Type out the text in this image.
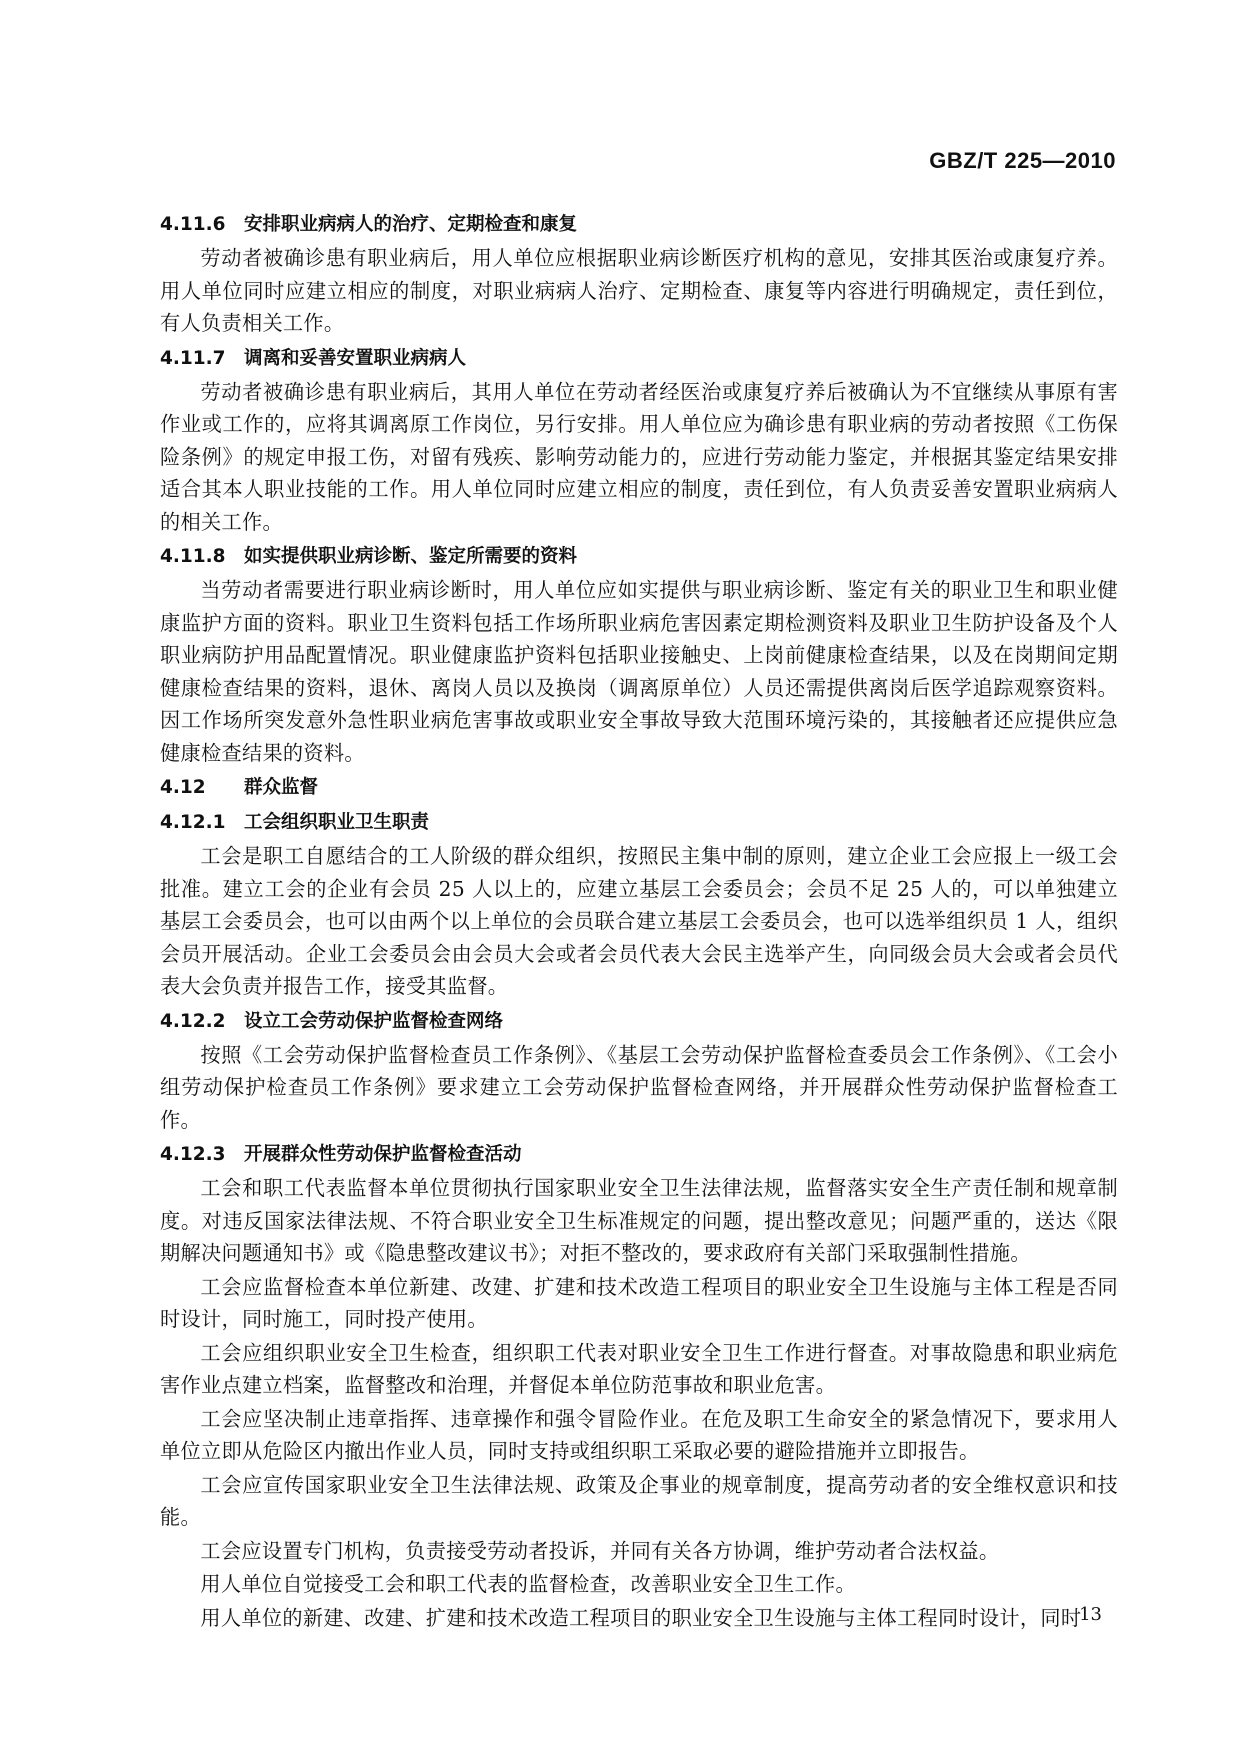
GBZ/T 225—2010
4.11.6 安排职业病病人的治疗、定期检查和康复

劳动者被确诊患有职业病后，用人单位应根据职业病诊断医疗机构的意见，安排其医治或康复疗养。用人单位同时应建立相应的制度，对职业病病人治疗、定期检查、康复等内容进行明确规定，责任到位，有人负责相关工作。

4.11.7 调离和妥善安置职业病病人

劳动者被确诊患有职业病后，其用人单位在劳动者经医治或康复疗养后被确认为不宜继续从事原有害作业或工作的，应将其调离原工作岗位，另行安排。用人单位应为确诊患有职业病的劳动者按照《工伤保险条例》的规定申报工伤，对留有残疾、影响劳动能力的，应进行劳动能力鉴定，并根据其鉴定结果安排适合其本人职业技能的工作。用人单位同时应建立相应的制度，责任到位，有人负责妥善安置职业病病人的相关工作。

4.11.8 如实提供职业病诊断、鉴定所需要的资料

当劳动者需要进行职业病诊断时，用人单位应如实提供与职业病诊断、鉴定有关的职业卫生和职业健康监护方面的资料。职业卫生资料包括工作场所职业病危害因素定期检测资料及职业卫生防护设备及个人职业病防护用品配置情况。职业健康监护资料包括职业接触史、上岗前健康检查结果，以及在岗期间定期健康检查结果的资料，退休、离岗人员以及换岗（调离原单位）人员还需提供离岗后医学追踪观察资料。因工作场所突发意外急性职业病危害事故或职业安全事故导致大范围环境污染的，其接触者还应提供应急健康检查结果的资料。

4.12 群众监督
4.12.1 工会组织职业卫生职责

工会是职工自愿结合的工人阶级的群众组织，按照民主集中制的原则，建立企业工会应报上一级工会批准。建立工会的企业有会员 25 人以上的，应建立基层工会委员会；会员不足 25 人的，可以单独建立基层工会委员会，也可以由两个以上单位的会员联合建立基层工会委员会，也可以选举组织员 1 人，组织会员开展活动。企业工会委员会由会员大会或者会员代表大会民主选举产生，向同级会员大会或者会员代表大会负责并报告工作，接受其监督。

4.12.2 设立工会劳动保护监督检查网络

按照《工会劳动保护监督检查员工作条例》、《基层工会劳动保护监督检查委员会工作条例》、《工会小组劳动保护检查员工作条例》要求建立工会劳动保护监督检查网络，并开展群众性劳动保护监督检查工作。

4.12.3 开展群众性劳动保护监督检查活动

工会和职工代表监督本单位贯彻执行国家职业安全卫生法律法规，监督落实安全生产责任制和规章制度。对违反国家法律法规、不符合职业安全卫生标准规定的问题，提出整改意见；问题严重的，送达《限期解决问题通知书》或《隐患整改建议书》；对拒不整改的，要求政府有关部门采取强制性措施。

工会应监督检查本单位新建、改建、扩建和技术改造工程项目的职业安全卫生设施与主体工程是否同时设计，同时施工，同时投产使用。

工会应组织职业安全卫生检查，组织职工代表对职业安全卫生工作进行督查。对事故隐患和职业病危害作业点建立档案，监督整改和治理，并督促本单位防范事故和职业危害。

工会应坚决制止违章指挥、违章操作和强令冒险作业。在危及职工生命安全的紧急情况下，要求用人单位立即从危险区内撤出作业人员，同时支持或组织职工采取必要的避险措施并立即报告。

工会应宣传国家职业安全卫生法律法规、政策及企事业的规章制度，提高劳动者的安全维权意识和技能。

工会应设置专门机构，负责接受劳动者投诉，并同有关各方协调，维护劳动者合法权益。

用人单位自觉接受工会和职工代表的监督检查，改善职业安全卫生工作。

用人单位的新建、改建、扩建和技术改造工程项目的职业安全卫生设施与主体工程同时设计，同时

13
